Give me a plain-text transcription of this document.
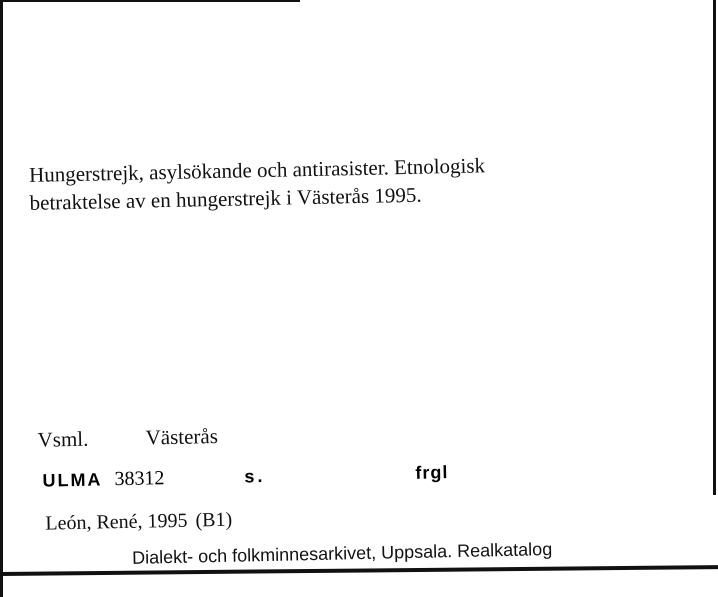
Hungerstrejk, asylsökande och antirasister. Etnologisk
betraktelse av en hungerstrejk i Västerås 1995.
Vsml.	Västerås
ULMA 38312	s.	frgl
León, René, 1995 (B1)
Dialekt- och folkminnesarkivet, Uppsala. Realkatalog
